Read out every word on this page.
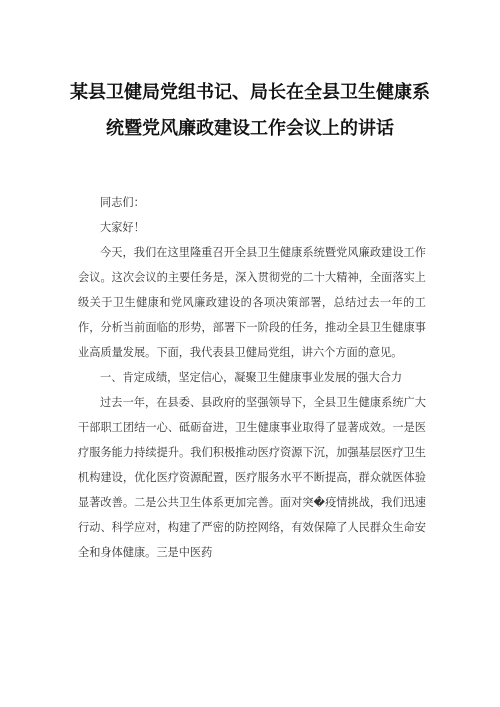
某县卫健局党组书记、局长在全县卫生健康系统暨党风廉政建设工作会议上的讲话

同志们：

大家好！

今天，我们在这里隆重召开全县卫生健康系统暨党风廉政建设工作会议。这次会议的主要任务是，深入贯彻党的二十大精神，全面落实上级关于卫生健康和党风廉政建设的各项决策部署，总结过去一年的工作，分析当前面临的形势，部署下一阶段的任务，推动全县卫生健康事业高质量发展。下面，我代表县卫健局党组，讲六个方面的意见。

一、肯定成绩，坚定信心，凝聚卫生健康事业发展的强大合力

过去一年，在县委、县政府的坚强领导下，全县卫生健康系统广大干部职工团结一心、砥砺奋进，卫生健康事业取得了显著成效。一是医疗服务能力持续提升。我们积极推动医疗资源下沉，加强基层医疗卫生机构建设，优化医疗资源配置，医疗服务水平不断提高，群众就医体验显著改善。二是公共卫生体系更加完善。面对突�疫情挑战，我们迅速行动、科学应对，构建了严密的防控网络，有效保障了人民群众生命安全和身体健康。三是中医药
